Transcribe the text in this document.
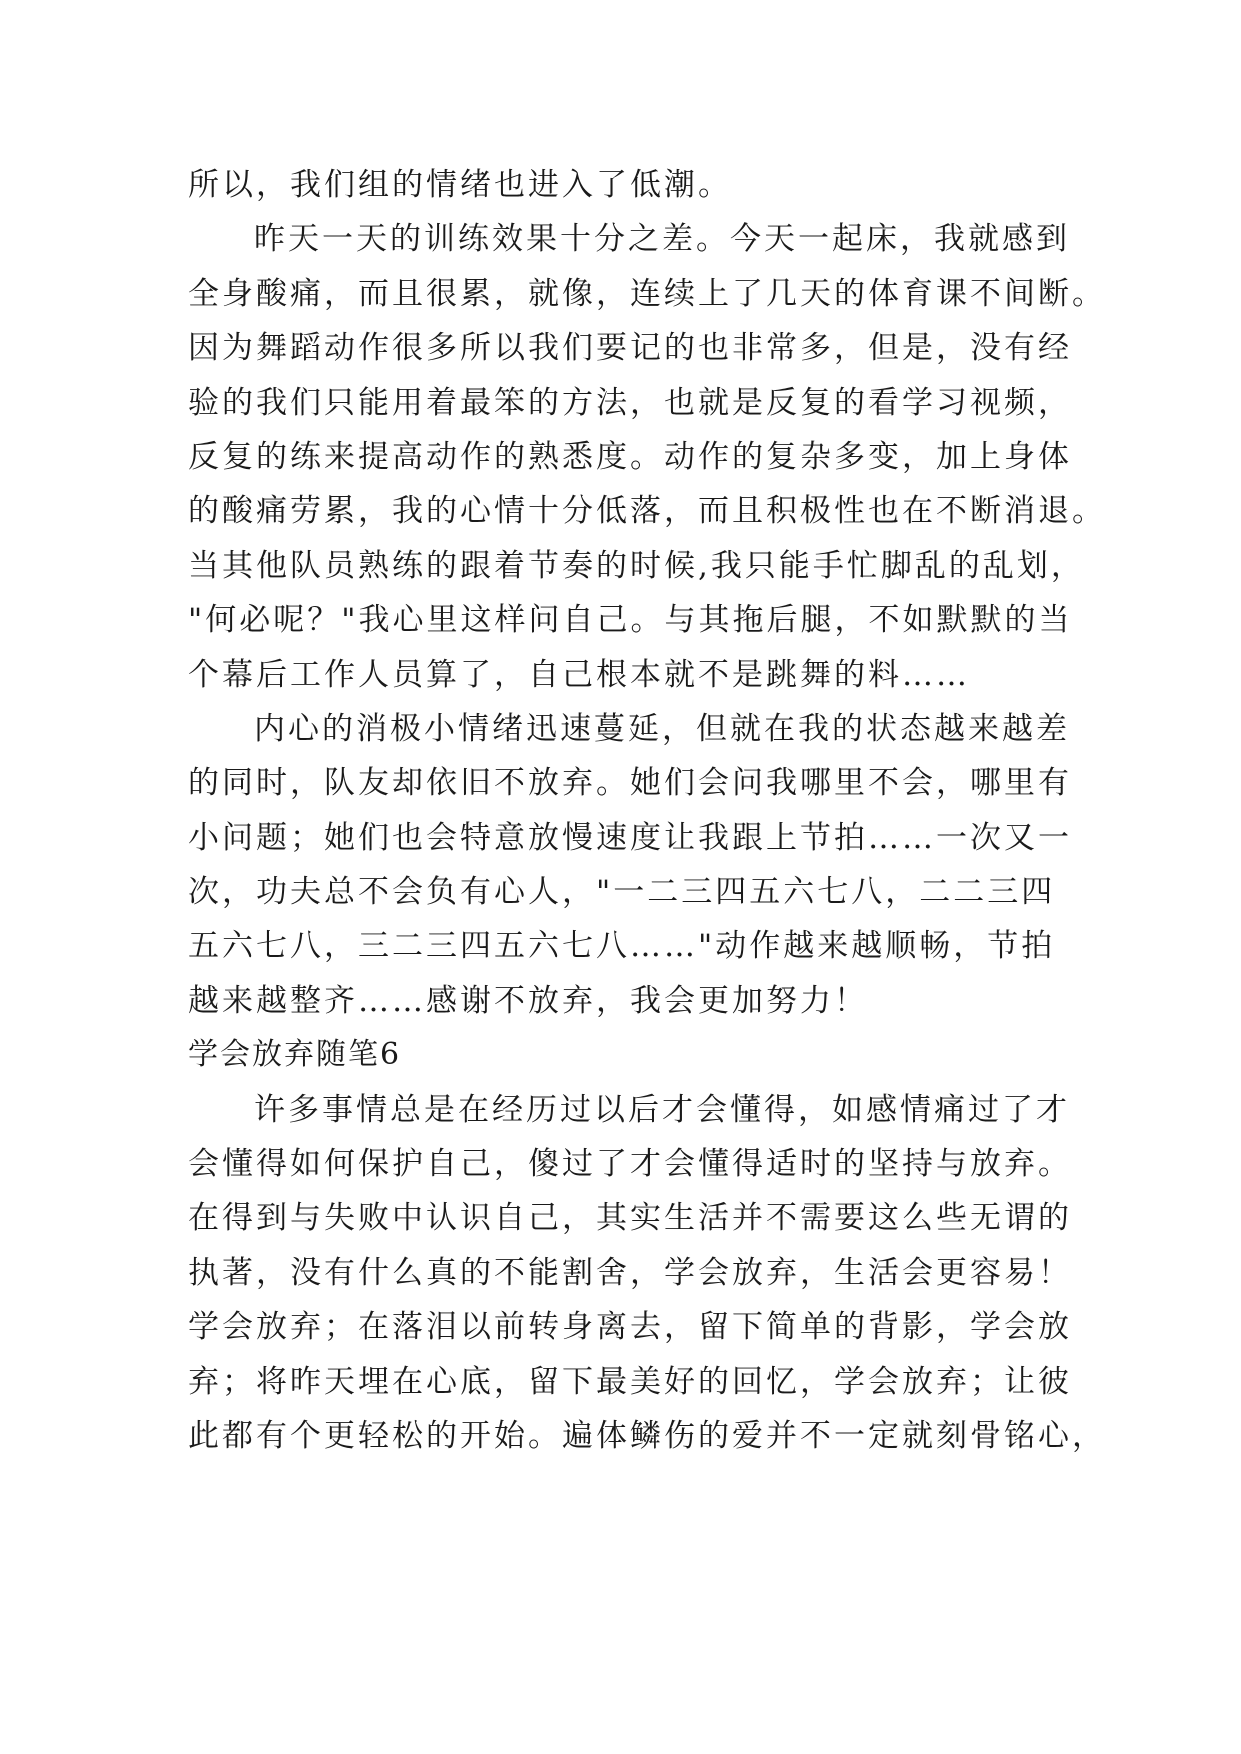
所以，我们组的情绪也进入了低潮。
昨天一天的训练效果十分之差。今天一起床，我就感到
全身酸痛，而且很累，就像，连续上了几天的体育课不间断。
因为舞蹈动作很多所以我们要记的也非常多，但是，没有经
验的我们只能用着最笨的方法，也就是反复的看学习视频，
反复的练来提高动作的熟悉度。动作的复杂多变，加上身体
的酸痛劳累，我的心情十分低落，而且积极性也在不断消退。
当其他队员熟练的跟着节奏的时候,我只能手忙脚乱的乱划，
"何必呢？"我心里这样问自己。与其拖后腿，不如默默的当
个幕后工作人员算了，自己根本就不是跳舞的料……
内心的消极小情绪迅速蔓延，但就在我的状态越来越差
的同时，队友却依旧不放弃。她们会问我哪里不会，哪里有
小问题；她们也会特意放慢速度让我跟上节拍……一次又一
次，功夫总不会负有心人，"一二三四五六七八，二二三四
五六七八，三二三四五六七八……"动作越来越顺畅，节拍
越来越整齐……感谢不放弃，我会更加努力！
学会放弃随笔6
许多事情总是在经历过以后才会懂得，如感情痛过了才
会懂得如何保护自己，傻过了才会懂得适时的坚持与放弃。
在得到与失败中认识自己，其实生活并不需要这么些无谓的
执著，没有什么真的不能割舍，学会放弃，生活会更容易！
学会放弃；在落泪以前转身离去，留下简单的背影，学会放
弃；将昨天埋在心底，留下最美好的回忆，学会放弃；让彼
此都有个更轻松的开始。遍体鳞伤的爱并不一定就刻骨铭心，
